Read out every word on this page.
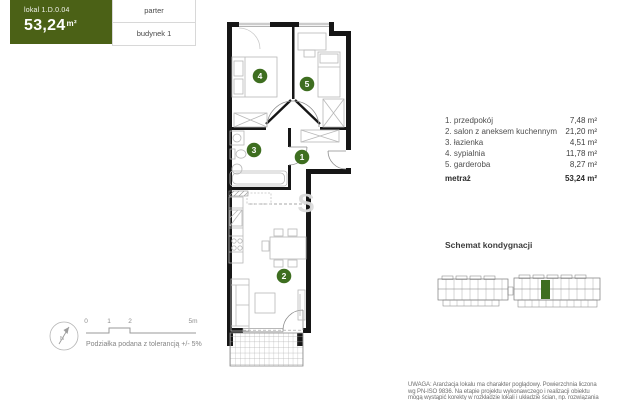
S
1
2
3
4
5
N
0	1	2	5m
Podziałka podana z tolerancją +/- 5%
lokal 1.D.0.04
$53,24^{m^2}$
parter
budynek 1
1. przedpokój	7,48 m²
2. salon z aneksem kuchennym 21,20 m²
3. łazienka	4,51 m²
4. sypialnia	11,78 m²
5. garderoba	8,27 m²
metraż	53,24 m²
Schemat kondygnacji
UWAGA: Aranżacja lokalu ma charakter poglądowy. Powierzchnia liczona
wg PN-ISO 9836. Na etapie projektu wykonawczego i realizacji obiektu
mogą wystąpić korekty w rozkładzie lokali i układzie ścian, np. rozwiązania
